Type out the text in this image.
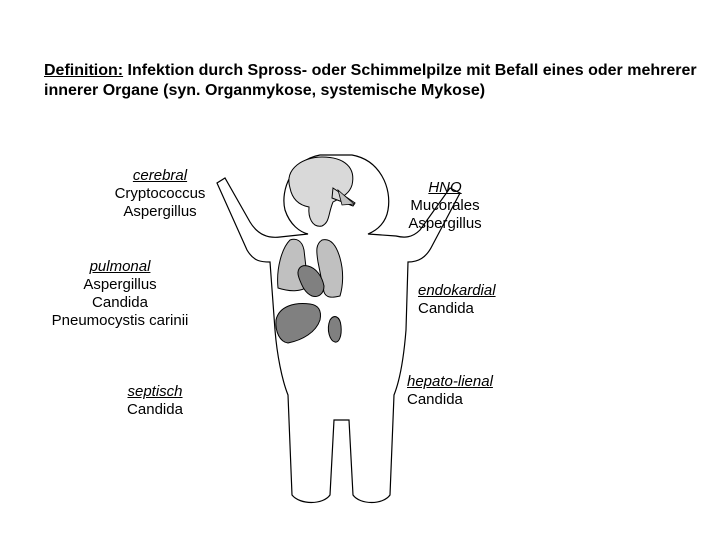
Definition: Infektion durch Spross- oder Schimmelpilze mit Befall eines oder mehrerer innerer Organe (syn. Organmykose, systemische Mykose)
cerebral
Cryptococcus
Aspergillus
pulmonal
Aspergillus
Candida
Pneumocystis carinii
septisch
Candida
HNO
Mucorales
Aspergillus
endokardial
Candida
hepato-lienal
Candida
